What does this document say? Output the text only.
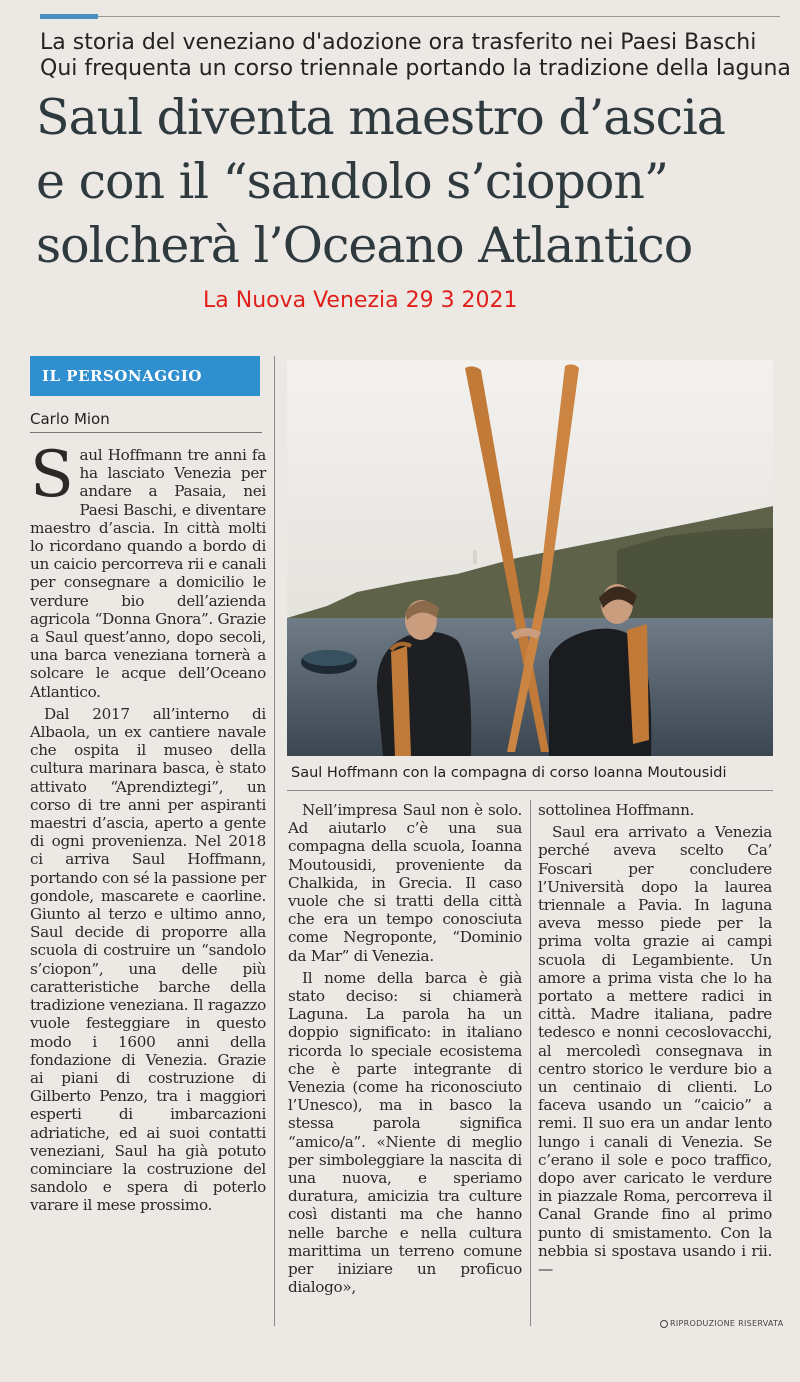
La storia del veneziano d'adozione ora trasferito nei Paesi Baschi
Qui frequenta un corso triennale portando la tradizione della laguna
Saul diventa maestro d’ascia
e con il “sandolo s’ciopon”
solcherà l’Oceano Atlantico
La Nuova Venezia 29 3 2021
IL PERSONAGGIO
Carlo Mion

Saul Hoffmann tre anni fa ha lasciato Venezia per andare a Pasaia, nei Paesi Baschi, e diventare maestro d’ascia. In città molti lo ricordano quando a bordo di un caicio percorreva rii e canali per consegnare a domicilio le verdure bio dell’azienda agricola “Donna Gnora”. Grazie a Saul quest’anno, dopo secoli, una barca veneziana tornerà a solcare le acque dell’Oceano Atlantico.

Dal 2017 all’interno di Albaola, un ex cantiere navale che ospita il museo della cultura marinara basca, è stato attivato “Aprendiztegi”, un corso di tre anni per aspiranti maestri d’ascia, aperto a gente di ogni provenienza. Nel 2018 ci arriva Saul Hoffmann, portando con sé la passione per gondole, mascarete e caorline. Giunto al terzo e ultimo anno, Saul decide di proporre alla scuola di costruire un “sandolo s’ciopon”, una delle più caratteristiche barche della tradizione veneziana. Il ragazzo vuole festeggiare in questo modo i 1600 anni della fondazione di Venezia. Grazie ai piani di costruzione di Gilberto Penzo, tra i maggiori esperti di imbarcazioni adriatiche, ed ai suoi contatti veneziani, Saul ha già potuto cominciare la costruzione del sandolo e spera di poterlo varare il mese prossimo.

Saul Hoffmann con la compagna di corso Ioanna Moutousidi

Nell’impresa Saul non è solo. Ad aiutarlo c’è una sua compagna della scuola, Ioanna Moutousidi, proveniente da Chalkida, in Grecia. Il caso vuole che si tratti della città che era un tempo conosciuta come Negroponte, “Dominio da Mar” di Venezia.

Il nome della barca è già stato deciso: si chiamerà Laguna. La parola ha un doppio significato: in italiano ricorda lo speciale ecosistema che è parte integrante di Venezia (come ha riconosciuto l’Unesco), ma in basco la stessa parola significa “amico/a”. «Niente di meglio per simboleggiare la nascita di una nuova, e speriamo duratura, amicizia tra culture così distanti ma che hanno nelle barche e nella cultura marittima un terreno comune per iniziare un proficuo dialogo»,

sottolinea Hoffmann.

Saul era arrivato a Venezia perché aveva scelto Ca’ Foscari per concludere l’Università dopo la laurea triennale a Pavia. In laguna aveva messo piede per la prima volta grazie ai campi scuola di Legambiente. Un amore a prima vista che lo ha portato a mettere radici in città. Madre italiana, padre tedesco e nonni cecoslovacchi, al mercoledì consegnava in centro storico le verdure bio a un centinaio di clienti. Lo faceva usando un “caicio” a remi. Il suo era un andar lento lungo i canali di Venezia. Se c’erano il sole e poco traffico, dopo aver caricato le verdure in piazzale Roma, percorreva il Canal Grande fino al primo punto di smistamento. Con la nebbia si spostava usando i rii. —

RIPRODUZIONE RISERVATA
